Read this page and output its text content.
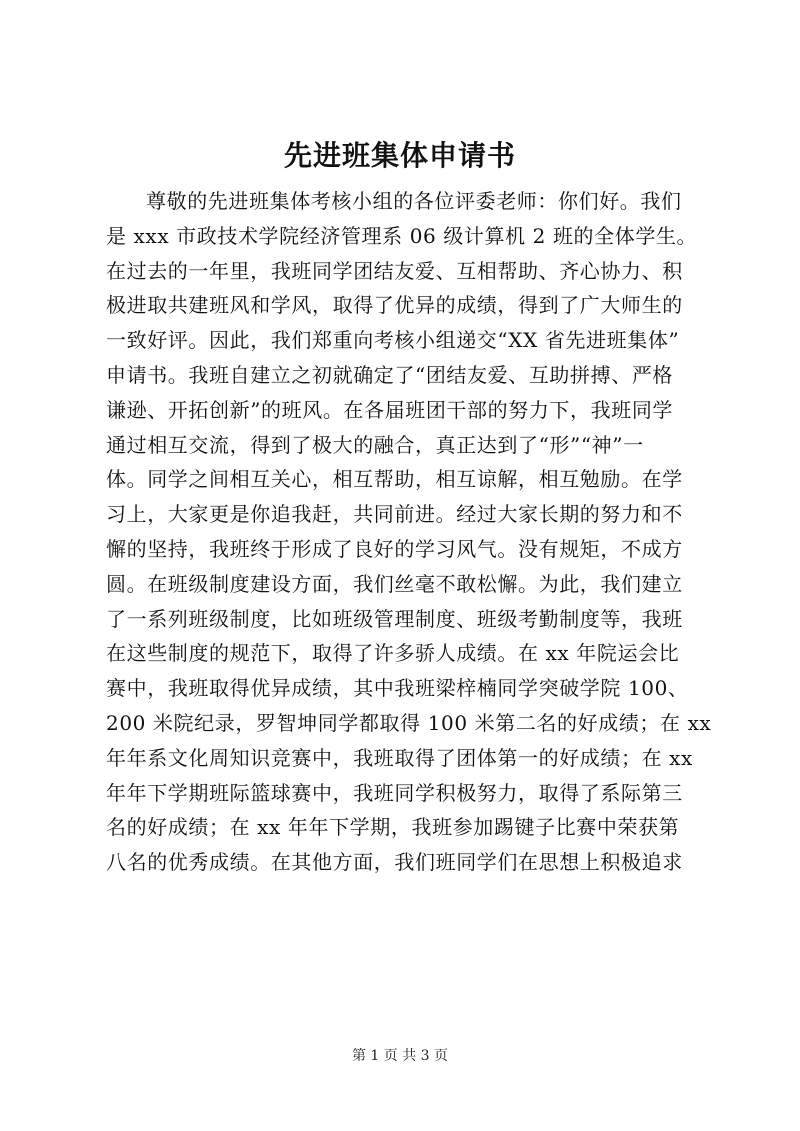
先进班集体申请书
尊敬的先进班集体考核小组的各位评委老师：你们好。我们
是 xxx 市政技术学院经济管理系 06 级计算机 2 班的全体学生。
在过去的一年里，我班同学团结友爱、互相帮助、齐心协力、积
极进取共建班风和学风，取得了优异的成绩，得到了广大师生的
一致好评。因此，我们郑重向考核小组递交“XX 省先进班集体”
申请书。我班自建立之初就确定了“团结友爱、互助拼搏、严格
谦逊、开拓创新”的班风。在各届班团干部的努力下，我班同学
通过相互交流，得到了极大的融合，真正达到了“形”“神”一
体。同学之间相互关心，相互帮助，相互谅解，相互勉励。在学
习上，大家更是你追我赶，共同前进。经过大家长期的努力和不
懈的坚持，我班终于形成了良好的学习风气。没有规矩，不成方
圆。在班级制度建设方面，我们丝毫不敢松懈。为此，我们建立
了一系列班级制度，比如班级管理制度、班级考勤制度等，我班
在这些制度的规范下，取得了许多骄人成绩。在 xx 年院运会比
赛中，我班取得优异成绩，其中我班梁梓楠同学突破学院 100、
200 米院纪录，罗智坤同学都取得 100 米第二名的好成绩；在 xx
年年系文化周知识竞赛中，我班取得了团体第一的好成绩；在 xx
年年下学期班际篮球赛中，我班同学积极努力，取得了系际第三
名的好成绩；在 xx 年年下学期，我班参加踢键子比赛中荣获第
八名的优秀成绩。在其他方面，我们班同学们在思想上积极追求
第 1 页 共 3 页
